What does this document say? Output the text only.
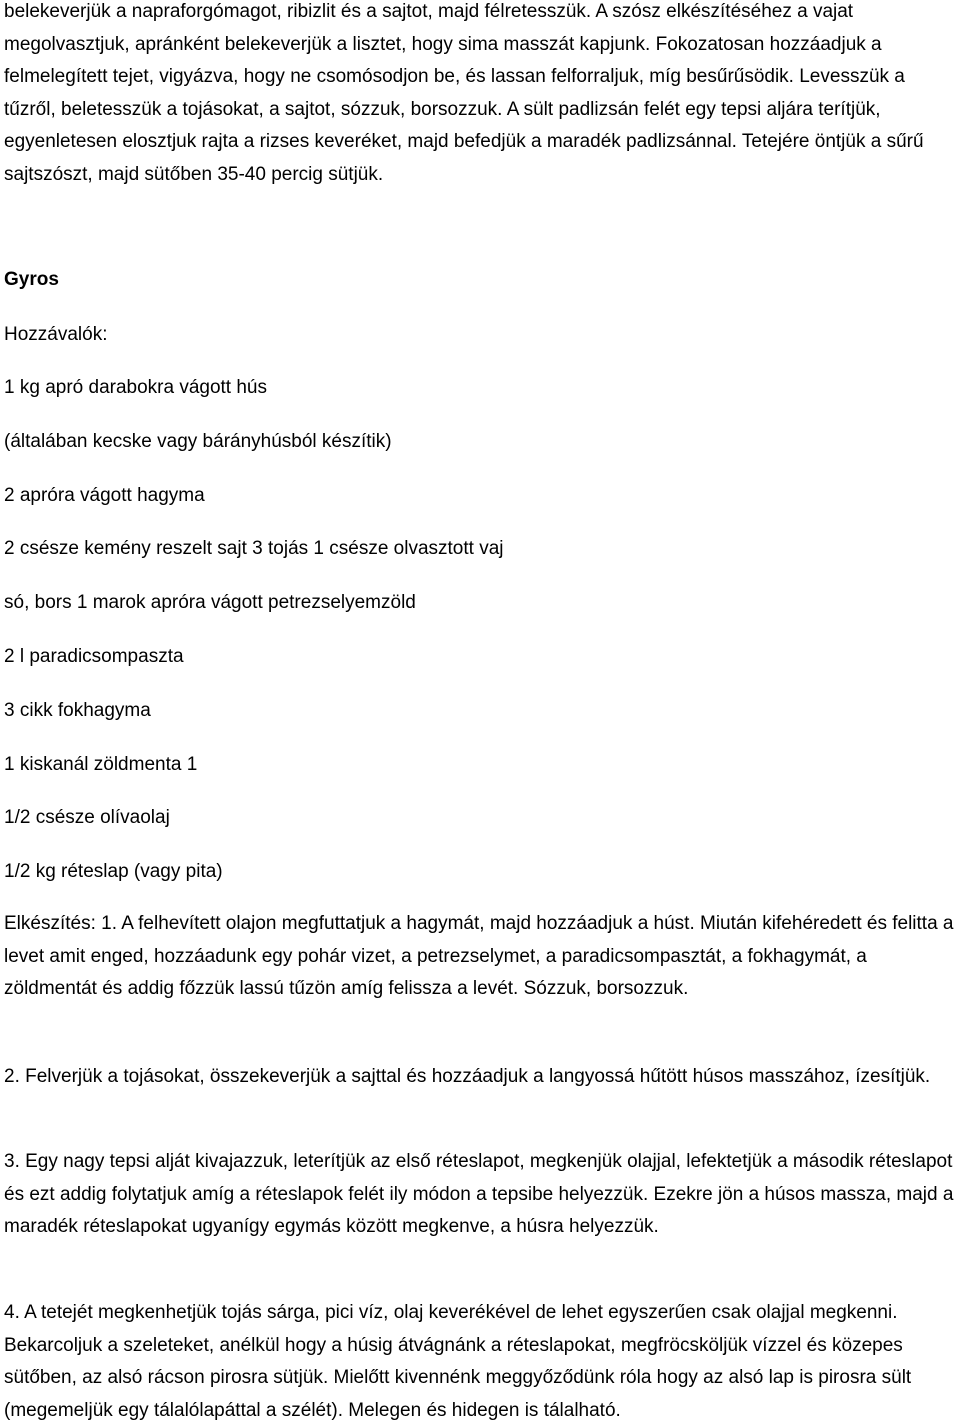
belekeverjük a napraforgómagot, ribizlit és a sajtot, majd félretesszük. A szósz elkészítéséhez a vajat megolvasztjuk, apránként belekeverjük a lisztet, hogy sima masszát kapjunk. Fokozatosan hozzáadjuk a felmelegített tejet, vigyázva, hogy ne csomósodjon be, és lassan felforraljuk, míg besűrűsödik. Levesszük a tűzről, beletesszük a tojásokat, a sajtot, sózzuk, borsozzuk. A sült padlizsán felét egy tepsi aljára terítjük, egyenletesen elosztjuk rajta a rizses keveréket, majd befedjük a maradék padlizsánnal. Tetejére öntjük a sűrű sajtszószt, majd sütőben 35-40 percig sütjük.

Gyros

Hozzávalók:

1 kg apró darabokra vágott hús
(általában kecske vagy bárányhúsból készítik)
2 apróra vágott hagyma
2 csésze kemény reszelt sajt 3 tojás 1 csésze olvasztott vaj
só, bors 1 marok apróra vágott petrezselyemzöld
2 l paradicsompaszta
3 cikk fokhagyma
1 kiskanál zöldmenta 1
1/2 csésze olívaolaj
1/2 kg réteslap (vagy pita)

Elkészítés: 1. A felhevített olajon megfuttatjuk a hagymát, majd hozzáadjuk a húst. Miután kifehéredett és felitta a levet amit enged, hozzáadunk egy pohár vizet, a petrezselymet, a paradicsompasztát, a fokhagymát, a zöldmentát és addig főzzük lassú tűzön amíg felissza a levét. Sózzuk, borsozzuk.

2. Felverjük a tojásokat, összekeverjük a sajttal és hozzáadjuk a langyossá hűtött húsos masszához, ízesítjük.

3. Egy nagy tepsi alját kivajazzuk, leterítjük az első réteslapot, megkenjük olajjal, lefektetjük a második réteslapot és ezt addig folytatjuk amíg a réteslapok felét ily módon a tepsibe helyezzük. Ezekre jön a húsos massza, majd a maradék réteslapokat ugyanígy egymás között megkenve, a húsra helyezzük.

4. A tetejét megkenhetjük tojás sárga, pici víz, olaj keverékével de lehet egyszerűen csak olajjal megkenni. Bekarcoljuk a szeleteket, anélkül hogy a húsig átvágnánk a réteslapokat, megfröcsköljük vízzel és közepes sütőben, az alsó rácson pirosra sütjük. Mielőtt kivennénk meggyőződünk róla hogy az alsó lap is pirosra sült (megemeljük egy tálalólapáttal a szélét). Melegen és hidegen is tálalható.
